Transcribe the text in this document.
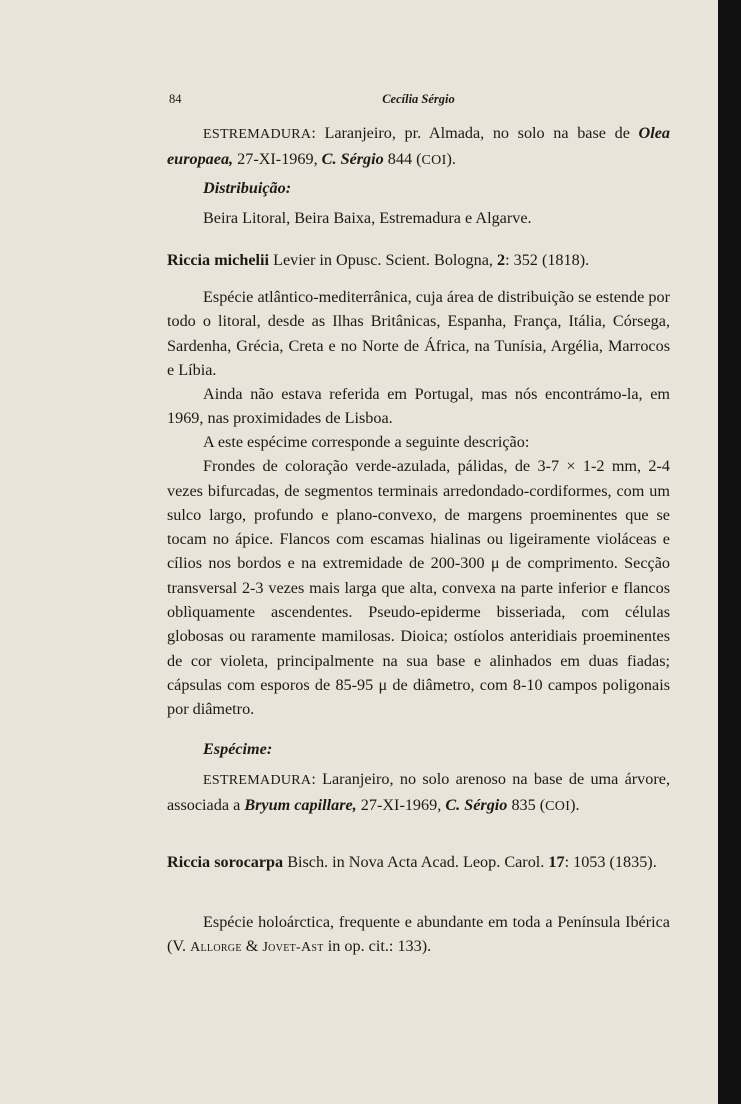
84	Cecília Sérgio

ESTREMADURA: Laranjeiro, pr. Almada, no solo na base de Olea europaea, 27-XI-1969, C. Sérgio 844 (COI).

Distribuição:

Beira Litoral, Beira Baixa, Estremadura e Algarve.

Riccia michelii Levier in Opusc. Scient. Bologna, 2: 352 (1818).

Espécie atlântico-mediterrânica, cuja área de distribuição se estende por todo o litoral, desde as Ilhas Britânicas, Espanha, França, Itália, Córsega, Sardenha, Grécia, Creta e no Norte de África, na Tunísia, Argélia, Marrocos e Líbia.

Ainda não estava referida em Portugal, mas nós encontrámo-la, em 1969, nas proximidades de Lisboa.

A este espécime corresponde a seguinte descrição:

Frondes de coloração verde-azulada, pálidas, de 3-7 × 1-2 mm, 2-4 vezes bifurcadas, de segmentos terminais arredondado-cordiformes, com um sulco largo, profundo e plano-convexo, de margens proeminentes que se tocam no ápice. Flancos com escamas hialinas ou ligeiramente violáceas e cílios nos bordos e na extremidade de 200-300 μ de comprimento. Secção transversal 2-3 vezes mais larga que alta, convexa na parte inferior e flancos oblìquamente ascendentes. Pseudo-epiderme bisseriada, com células globosas ou raramente mamilosas. Dioica; ostíolos anteridiais proeminentes de cor violeta, principalmente na sua base e alinhados em duas fiadas; cápsulas com esporos de 85-95 μ de diâmetro, com 8-10 campos poligonais por diâmetro.

Espécime:

ESTREMADURA: Laranjeiro, no solo arenoso na base de uma árvore, associada a Bryum capillare, 27-XI-1969, C. Sérgio 835 (COI).

Riccia sorocarpa Bisch. in Nova Acta Acad. Leop. Carol. 17: 1053 (1835).

Espécie holoárctica, frequente e abundante em toda a Península Ibérica (V. Allorge & Jovet-Ast in op. cit.: 133).
